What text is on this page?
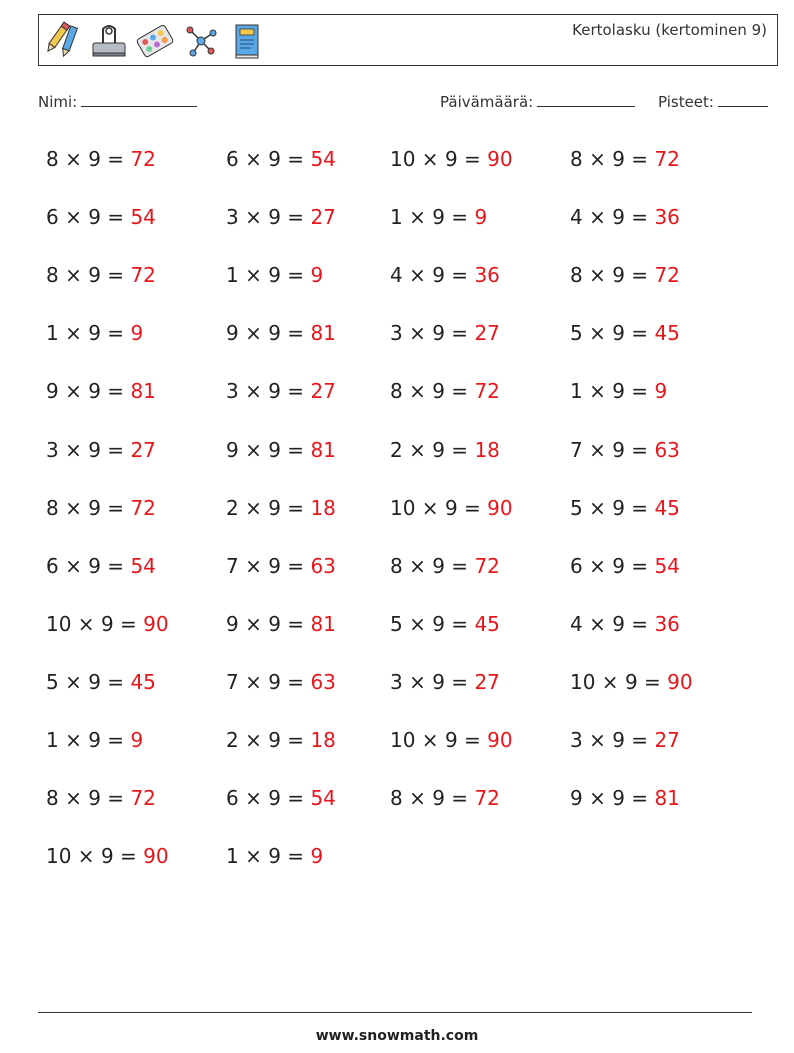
Kertolasku (kertominen 9)
Nimi:	Päivämäärä:	Pisteet:
8 × 9 = 72	6 × 9 = 54	10 × 9 = 90	8 × 9 = 72
6 × 9 = 54	3 × 9 = 27	1 × 9 = 9	4 × 9 = 36
8 × 9 = 72	1 × 9 = 9	4 × 9 = 36	8 × 9 = 72
1 × 9 = 9	9 × 9 = 81	3 × 9 = 27	5 × 9 = 45
9 × 9 = 81	3 × 9 = 27	8 × 9 = 72	1 × 9 = 9
3 × 9 = 27	9 × 9 = 81	2 × 9 = 18	7 × 9 = 63
8 × 9 = 72	2 × 9 = 18	10 × 9 = 90	5 × 9 = 45
6 × 9 = 54	7 × 9 = 63	8 × 9 = 72	6 × 9 = 54
10 × 9 = 90	9 × 9 = 81	5 × 9 = 45	4 × 9 = 36
5 × 9 = 45	7 × 9 = 63	3 × 9 = 27	10 × 9 = 90
1 × 9 = 9	2 × 9 = 18	10 × 9 = 90	3 × 9 = 27
8 × 9 = 72	6 × 9 = 54	8 × 9 = 72	9 × 9 = 81
10 × 9 = 90	1 × 9 = 9
www.snowmath.com
